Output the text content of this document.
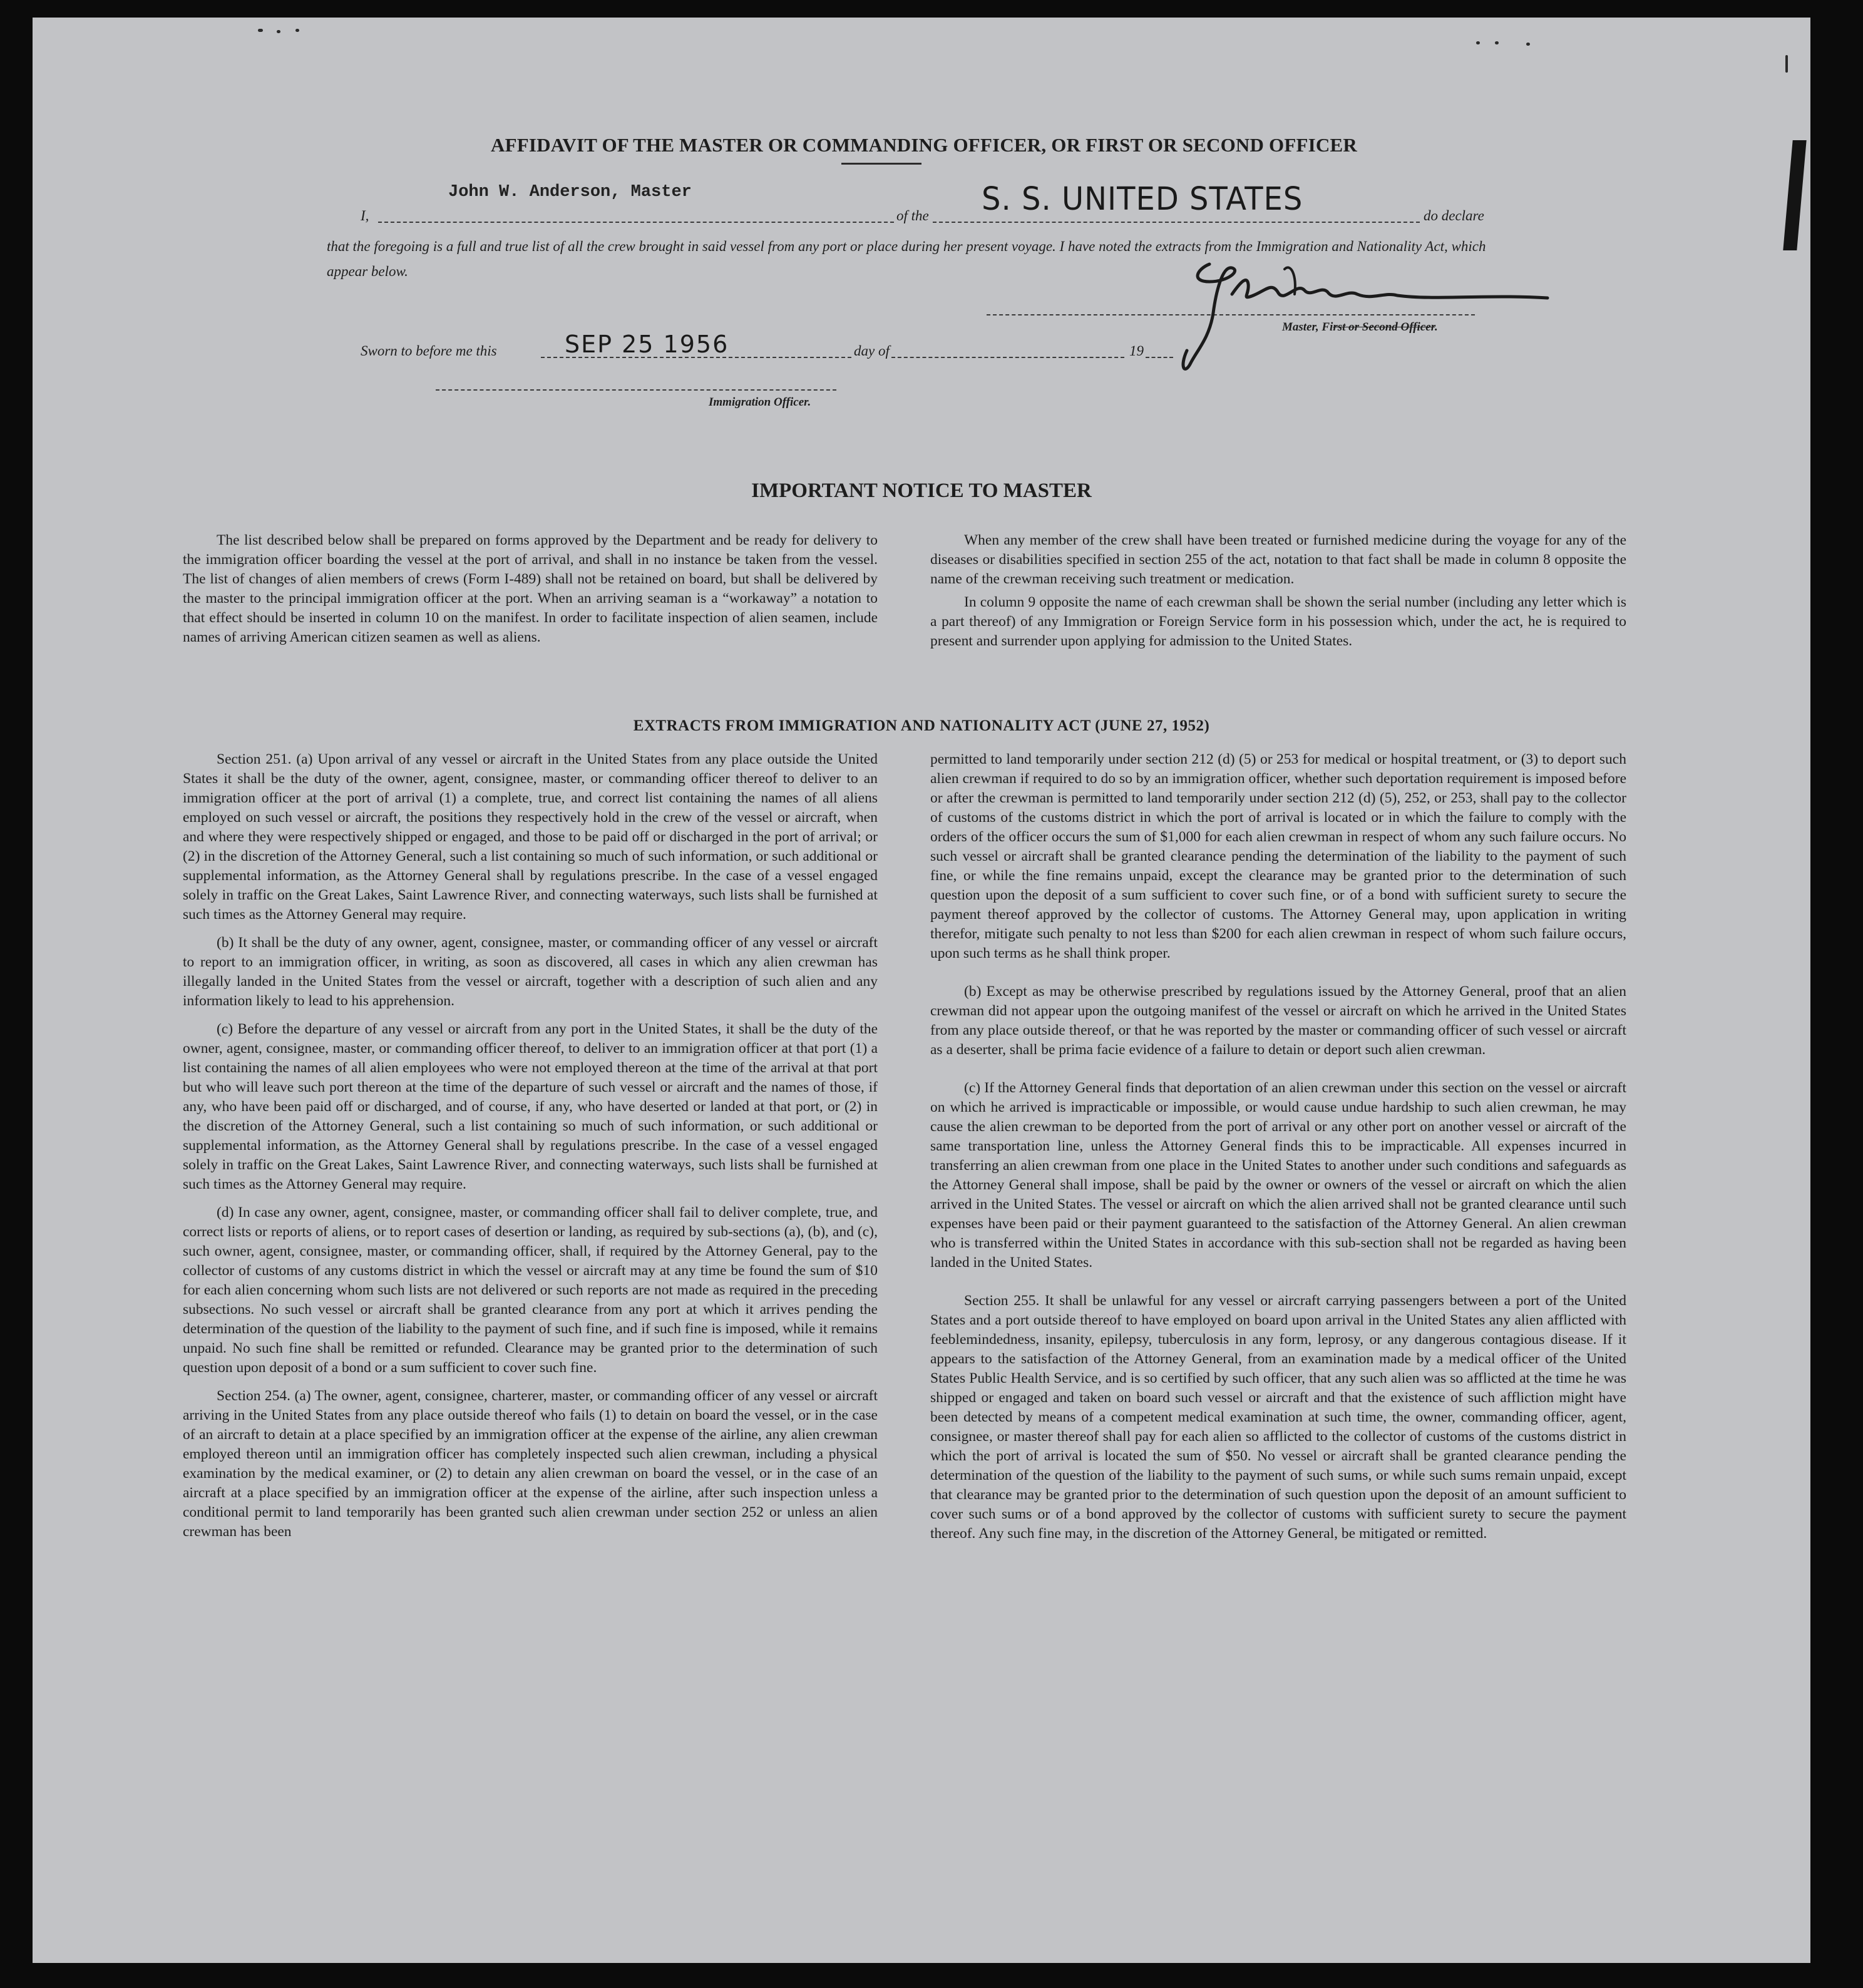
AFFIDAVIT OF THE MASTER OR COMMANDING OFFICER, OR FIRST OR SECOND OFFICER
I,
John W. Anderson, Master
of the S. S. UNITED STATES	do declare
that the foregoing is a full and true list of all the crew brought in said vessel from any port or place during her present voyage. I have noted the extracts from the Immigration and Nationality Act, which appear below.
Master, First or Second Officer.
Sworn to before me this	SEP 25 1956	day of	19
Immigration Officer.
IMPORTANT NOTICE TO MASTER

The list described below shall be prepared on forms approved by the Department and be ready for delivery to the immigration officer boarding the vessel at the port of arrival, and shall in no instance be taken from the vessel. The list of changes of alien members of crews (Form I-489) shall not be retained on board, but shall be delivered by the master to the principal immigration officer at the port. When an arriving seaman is a “workaway” a notation to that effect should be inserted in column 10 on the manifest. In order to facilitate inspection of alien seamen, include names of arriving American citizen seamen as well as aliens.

When any member of the crew shall have been treated or furnished medicine during the voyage for any of the diseases or disabilities specified in section 255 of the act, notation to that fact shall be made in column 8 opposite the name of the crewman receiving such treatment or medication.

In column 9 opposite the name of each crewman shall be shown the serial number (including any letter which is a part thereof) of any Immigration or Foreign Service form in his possession which, under the act, he is required to present and surrender upon applying for admission to the United States.

EXTRACTS FROM IMMIGRATION AND NATIONALITY ACT (JUNE 27, 1952)

Section 251. (a) Upon arrival of any vessel or aircraft in the United States from any place outside the United States it shall be the duty of the owner, agent, consignee, master, or commanding officer thereof to deliver to an immigration officer at the port of arrival (1) a complete, true, and correct list containing the names of all aliens employed on such vessel or aircraft, the positions they respectively hold in the crew of the vessel or aircraft, when and where they were respectively shipped or engaged, and those to be paid off or discharged in the port of arrival; or (2) in the discretion of the Attorney General, such a list containing so much of such information, or such additional or supplemental information, as the Attorney General shall by regulations prescribe. In the case of a vessel engaged solely in traffic on the Great Lakes, Saint Lawrence River, and connecting waterways, such lists shall be furnished at such times as the Attorney General may require.

(b) It shall be the duty of any owner, agent, consignee, master, or commanding officer of any vessel or aircraft to report to an immigration officer, in writing, as soon as discovered, all cases in which any alien crewman has illegally landed in the United States from the vessel or aircraft, together with a description of such alien and any information likely to lead to his apprehension.

(c) Before the departure of any vessel or aircraft from any port in the United States, it shall be the duty of the owner, agent, consignee, master, or commanding officer thereof, to deliver to an immigration officer at that port (1) a list containing the names of all alien employees who were not employed thereon at the time of the arrival at that port but who will leave such port thereon at the time of the departure of such vessel or aircraft and the names of those, if any, who have been paid off or discharged, and of course, if any, who have deserted or landed at that port, or (2) in the discretion of the Attorney General, such a list containing so much of such information, or such additional or supplemental information, as the Attorney General shall by regulations prescribe. In the case of a vessel engaged solely in traffic on the Great Lakes, Saint Lawrence River, and connecting waterways, such lists shall be furnished at such times as the Attorney General may require.

(d) In case any owner, agent, consignee, master, or commanding officer shall fail to deliver complete, true, and correct lists or reports of aliens, or to report cases of desertion or landing, as required by sub-sections (a), (b), and (c), such owner, agent, consignee, master, or commanding officer, shall, if required by the Attorney General, pay to the collector of customs of any customs district in which the vessel or aircraft may at any time be found the sum of $10 for each alien concerning whom such lists are not delivered or such reports are not made as required in the preceding subsections. No such vessel or aircraft shall be granted clearance from any port at which it arrives pending the determination of the question of the liability to the payment of such fine, and if such fine is imposed, while it remains unpaid. No such fine shall be remitted or refunded. Clearance may be granted prior to the determination of such question upon deposit of a bond or a sum sufficient to cover such fine.

Section 254. (a) The owner, agent, consignee, charterer, master, or commanding officer of any vessel or aircraft arriving in the United States from any place outside thereof who fails (1) to detain on board the vessel, or in the case of an aircraft to detain at a place specified by an immigration officer at the expense of the airline, any alien crewman employed thereon until an immigration officer has completely inspected such alien crewman, including a physical examination by the medical examiner, or (2) to detain any alien crewman on board the vessel, or in the case of an aircraft at a place specified by an immigration officer at the expense of the airline, after such inspection unless a conditional permit to land temporarily has been granted such alien crewman under section 252 or unless an alien crewman has been

permitted to land temporarily under section 212 (d) (5) or 253 for medical or hospital treatment, or (3) to deport such alien crewman if required to do so by an immigration officer, whether such deportation requirement is imposed before or after the crewman is permitted to land temporarily under section 212 (d) (5), 252, or 253, shall pay to the collector of customs of the customs district in which the port of arrival is located or in which the failure to comply with the orders of the officer occurs the sum of $1,000 for each alien crewman in respect of whom any such failure occurs. No such vessel or aircraft shall be granted clearance pending the determination of the liability to the payment of such fine, or while the fine remains unpaid, except the clearance may be granted prior to the determination of such question upon the deposit of a sum sufficient to cover such fine, or of a bond with sufficient surety to secure the payment thereof approved by the collector of customs. The Attorney General may, upon application in writing therefor, mitigate such penalty to not less than $200 for each alien crewman in respect of whom such failure occurs, upon such terms as he shall think proper.

(b) Except as may be otherwise prescribed by regulations issued by the Attorney General, proof that an alien crewman did not appear upon the outgoing manifest of the vessel or aircraft on which he arrived in the United States from any place outside thereof, or that he was reported by the master or commanding officer of such vessel or aircraft as a deserter, shall be prima facie evidence of a failure to detain or deport such alien crewman.

(c) If the Attorney General finds that deportation of an alien crewman under this section on the vessel or aircraft on which he arrived is impracticable or impossible, or would cause undue hardship to such alien crewman, he may cause the alien crewman to be deported from the port of arrival or any other port on another vessel or aircraft of the same transportation line, unless the Attorney General finds this to be impracticable. All expenses incurred in transferring an alien crewman from one place in the United States to another under such conditions and safeguards as the Attorney General shall impose, shall be paid by the owner or owners of the vessel or aircraft on which the alien arrived in the United States. The vessel or aircraft on which the alien arrived shall not be granted clearance until such expenses have been paid or their payment guaranteed to the satisfaction of the Attorney General. An alien crewman who is transferred within the United States in accordance with this sub-section shall not be regarded as having been landed in the United States.

Section 255. It shall be unlawful for any vessel or aircraft carrying passengers between a port of the United States and a port outside thereof to have employed on board upon arrival in the United States any alien afflicted with feeblemindedness, insanity, epilepsy, tuberculosis in any form, leprosy, or any dangerous contagious disease. If it appears to the satisfaction of the Attorney General, from an examination made by a medical officer of the United States Public Health Service, and is so certified by such officer, that any such alien was so afflicted at the time he was shipped or engaged and taken on board such vessel or aircraft and that the existence of such affliction might have been detected by means of a competent medical examination at such time, the owner, commanding officer, agent, consignee, or master thereof shall pay for each alien so afflicted to the collector of customs of the customs district in which the port of arrival is located the sum of $50. No vessel or aircraft shall be granted clearance pending the determination of the question of the liability to the payment of such sums, or while such sums remain unpaid, except that clearance may be granted prior to the determination of such question upon the deposit of an amount sufficient to cover such sums or of a bond approved by the collector of customs with sufficient surety to secure the payment thereof. Any such fine may, in the discretion of the Attorney General, be mitigated or remitted.
